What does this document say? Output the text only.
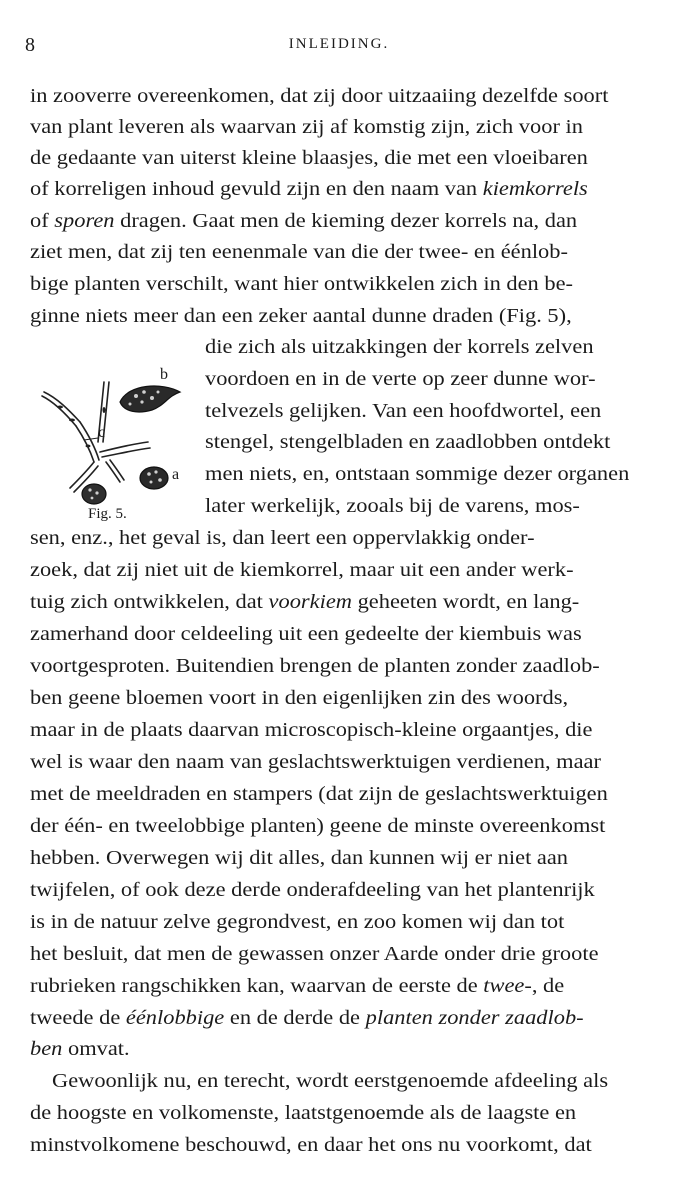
8	INLEIDING.
in zooverre overeenkomen, dat zij door uitzaaiing dezelfde soort
van plant leveren als waarvan zij af komstig zijn, zich voor in
de gedaante van uiterst kleine blaasjes, die met een vloeibaren
of korreligen inhoud gevuld zijn en den naam van kiemkorrels
of sporen dragen. Gaat men de kieming dezer korrels na, dan
ziet men, dat zij ten eenenmale van die der twee- en éénlob-
bige planten verschilt, want hier ontwikkelen zich in den be-
ginne niets meer dan een zeker aantal dunne draden (Fig. 5),
die zich als uitzakkingen der korrels zelven
voordoen en in de verte op zeer dunne wor-
telvezels gelijken. Van een hoofdwortel, een
stengel, stengelbladen en zaadlobben ontdekt
men niets, en, ontstaan sommige dezer organen
later werkelijk, zooals bij de varens, mos-
sen, enz., het geval is, dan leert een oppervlakkig onder-
zoek, dat zij niet uit de kiemkorrel, maar uit een ander werk-
tuig zich ontwikkelen, dat voorkiem geheeten wordt, en lang-
zamerhand door celdeeling uit een gedeelte der kiembuis was
voortgesproten. Buitendien brengen de planten zonder zaadlob-
ben geene bloemen voort in den eigenlijken zin des woords,
maar in de plaats daarvan microscopisch-kleine orgaantjes, die
wel is waar den naam van geslachtswerktuigen verdienen, maar
met de meeldraden en stampers (dat zijn de geslachtswerktuigen
der één- en tweelobbige planten) geene de minste overeenkomst
hebben. Overwegen wij dit alles, dan kunnen wij er niet aan
twijfelen, of ook deze derde onderafdeeling van het plantenrijk
is in de natuur zelve gegrondvest, en zoo komen wij dan tot
het besluit, dat men de gewassen onzer Aarde onder drie groote
rubrieken rangschikken kan, waarvan de eerste de twee-, de
tweede de éénlobbige en de derde de planten zonder zaadlob-
ben omvat.
Gewoonlijk nu, en terecht, wordt eerstgenoemde afdeeling als
de hoogste en volkomenste, laatstgenoemde als de laagste en
minstvolkomene beschouwd, en daar het ons nu voorkomt, dat
b
c
a
Fig. 5.
